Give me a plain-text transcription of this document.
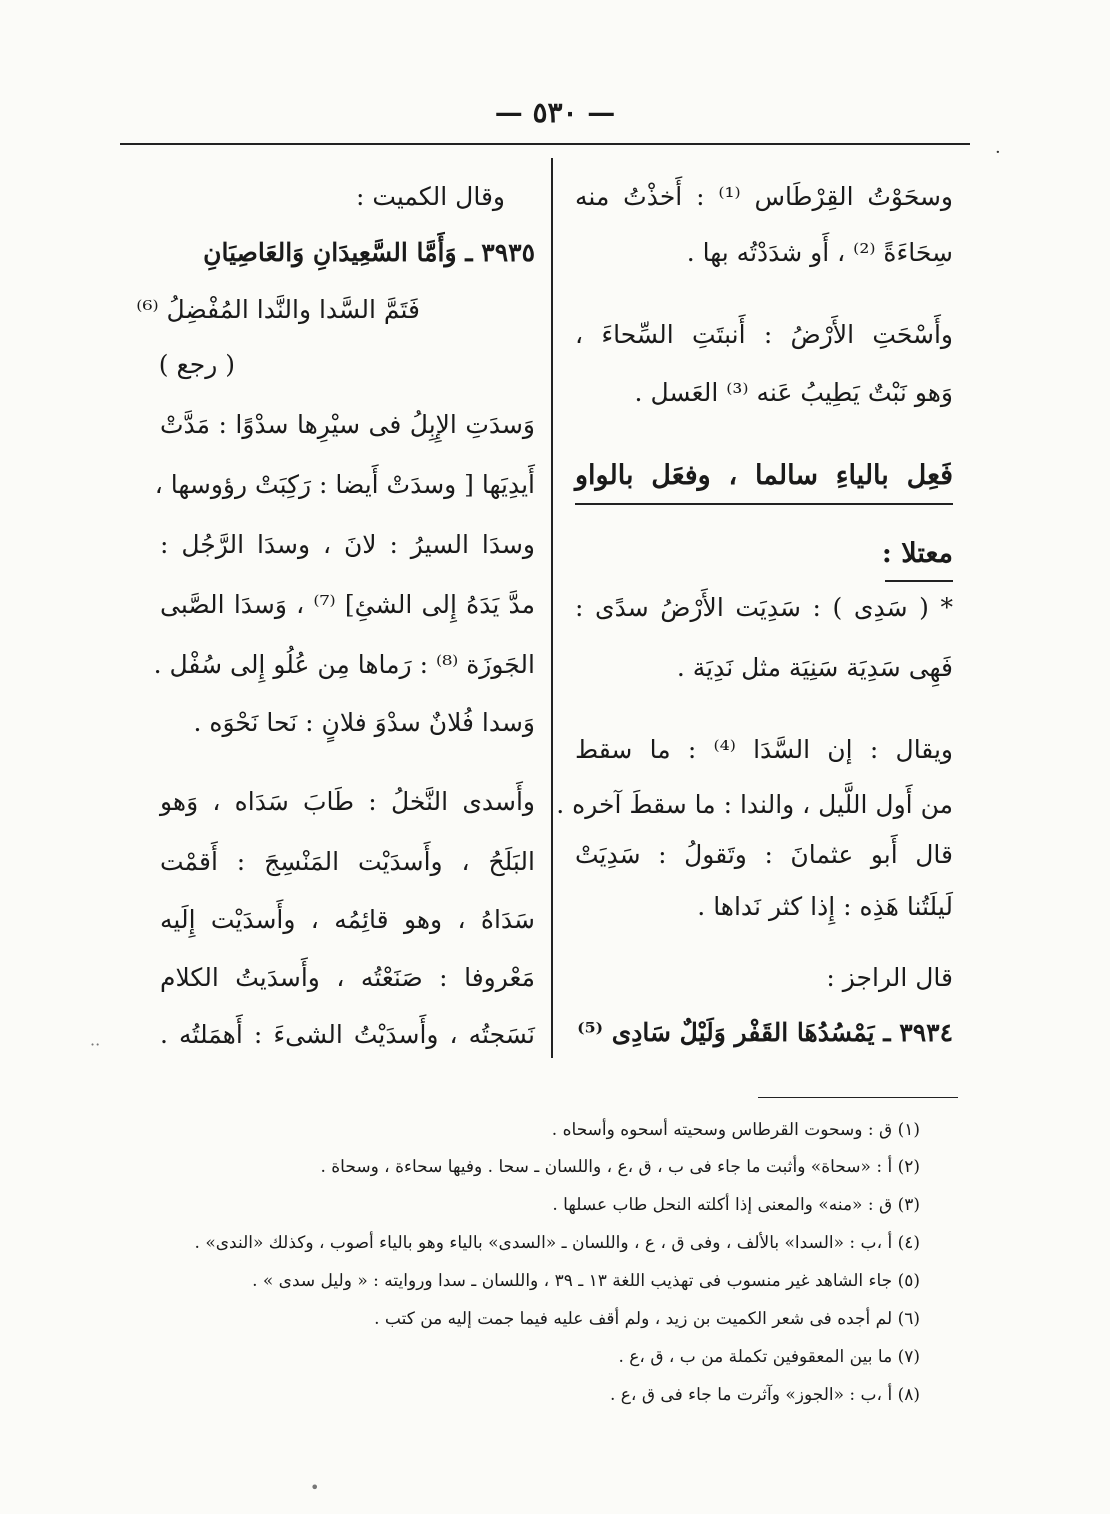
— ٥٣٠ —
·
وسحَوْتُ القِرْطَاس ⁽¹⁾ : أَخذْتُ منه
سِحَاءَةً ⁽²⁾ ، أَو شدَدْتُه بها .
وأَسْحَتِ الأَرْضُ : أَنبتَتِ السِّحاءَ ،
وَهو نَبْتٌ يَطِيبُ عَنه ⁽³⁾ العَسل .
فَعِل بالياءِ سالما ، وفعَل بالواو
معتلا :
* ( سَدِى ) : سَدِيَت الأَرْضُ سدًى :
فَهِى سَدِيَة سَنِيَة مثل نَدِيَة .
ويقال : إن السَّدَا ⁽⁴⁾ : ما سقط
من أَول اللَّيل ، والندا : ما سقطَ آخره .
قال أَبو عثمانَ : وتَقولُ : سَدِيَتْ
لَيلَتُنا هَذِه : إِذا كثر نَداها .
قال الراجز :
٣٩٣٤ ـ يَمْسُدُهَا القَفْر وَلَيْلٌ سَادِى ⁽⁵⁾
وقال الكميت :
٣٩٣٥ ـ وَأَمَّا السَّعِيدَانِ وَالعَاصِيَانِ
فَتَمَّ السَّدا والنَّدا المُفْضِلُ ⁽⁶⁾
( رجع )
وَسدَتِ الإِبِلُ فى سيْرِها سدْوًا : مَدَّتْ
أَيدِيَها [ وسدَتْ أَيضا : رَكِبَتْ رؤوسها ،
وسدَا السيرُ : لانَ ، وسدَا الرَّجُل :
مدَّ يَدَهُ إِلى الشئِ] ⁽⁷⁾ ، وَسدَا الصَّبى
الجَوزَة ⁽⁸⁾ : رَماها مِن عُلُو إِلى سُفْل .
وَسدا فُلانٌ سدْوَ فلانٍ : نَحا نَحْوَه .
وأَسدى النَّخلُ : طَابَ سَدَاه ، وَهو
البَلَحُ ، وأَسدَيْت المَنْسِجَ : أَقمْت
سَدَاهُ ، وهو قائِمُه ، وأَسدَيْت إِلَيه
مَعْروفا : صَنَعْتُه ، وأَسدَيتُ الكلام
نَسَجتُه ، وأَسدَيْتُ الشىءَ : أَهمَلتُه .
(١) ق : وسحوت القرطاس وسحيته أسحوه وأسحاه .
(٢) أ : «سحاة» وأثبت ما جاء فى ب ، ق ،ع ، واللسان ـ سحا . وفيها سحاءة ، وسحاة .
(٣) ق : «منه» والمعنى إذا أكلته النحل طاب عسلها .
(٤) أ ،ب : «السدا» بالألف ، وفى ق ، ع ، واللسان ـ «السدى» بالياء وهو بالياء أصوب ، وكذلك «الندى» .
(٥) جاء الشاهد غير منسوب فى تهذيب اللغة ١٣ ـ ٣٩ ، واللسان ـ سدا وروايته : « وليل سدى » .
(٦) لم أجده فى شعر الكميت بن زيد ، ولم أقف عليه فيما جمت إليه من كتب .
(٧) ما بين المعقوفين تكملة من ب ، ق ،ع .
(٨) أ ،ب : «الجوز» وآثرت ما جاء فى ق ،ع .
··
•
